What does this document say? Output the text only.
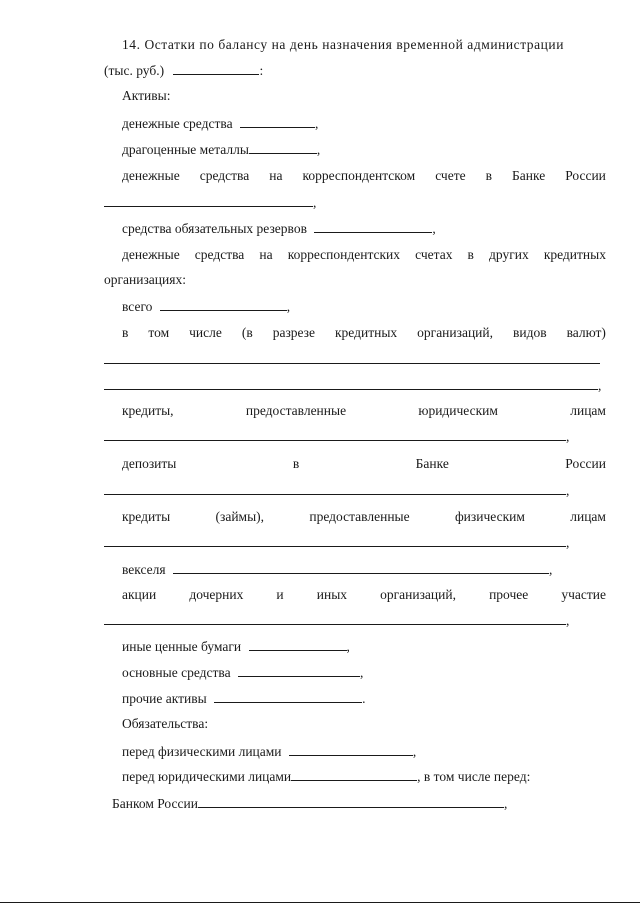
14. Остатки по балансу на день назначения временной администрации
(тыс. руб.)	:
Активы:
денежные средства	,
драгоценные металлы	,
денежные средства на корреспондентском счете в Банке России
,
средства обязательных резервов	,
денежные средства на корреспондентских счетах в других кредитных
организациях:
всего	,
в том числе (в разрезе кредитных организаций, видов валют)
,
кредиты,	предоставленные	юридическим	лицам
,
депозиты	в	Банке	России
,
кредиты	(займы),	предоставленные	физическим	лицам
,
векселя	,
акции дочерних и иных организаций, прочее участие
,
иные ценные бумаги	,
основные средства	,
прочие активы	.
Обязательства:
перед физическими лицами	,
перед юридическими лицами	, в том числе перед:
Банком России	,
